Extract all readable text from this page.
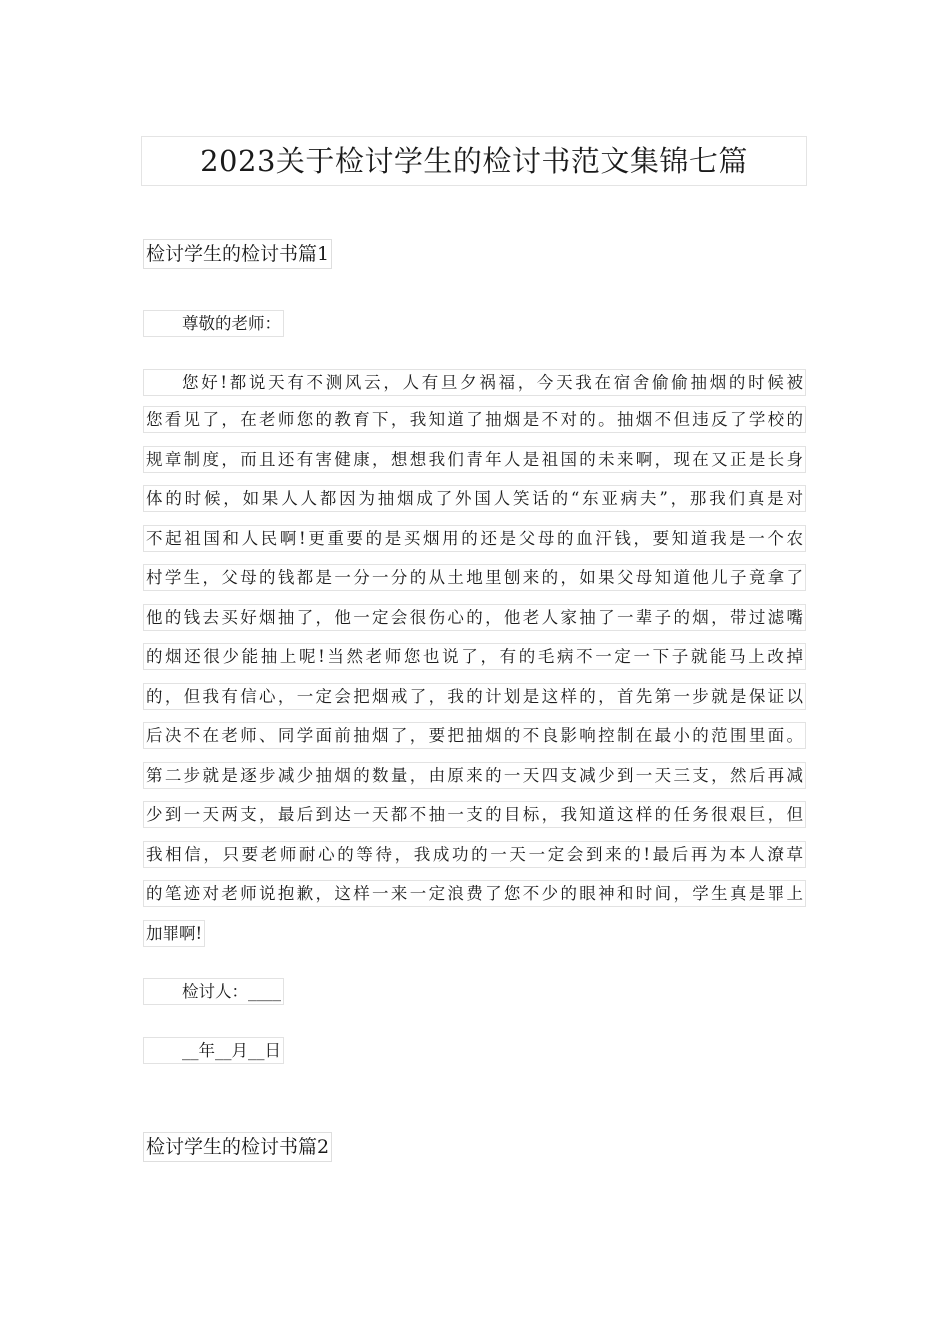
2023关于检讨学生的检讨书范文集锦七篇
检讨学生的检讨书篇1
尊敬的老师：
您好!都说天有不测风云，人有旦夕祸福，今天我在宿舍偷偷抽烟的时候被
您看见了，在老师您的教育下，我知道了抽烟是不对的。抽烟不但违反了学校的
规章制度，而且还有害健康，想想我们青年人是祖国的未来啊，现在又正是长身
体的时候，如果人人都因为抽烟成了外国人笑话的“东亚病夫”，那我们真是对
不起祖国和人民啊!更重要的是买烟用的还是父母的血汗钱，要知道我是一个农
村学生，父母的钱都是一分一分的从土地里刨来的，如果父母知道他儿子竟拿了
他的钱去买好烟抽了，他一定会很伤心的，他老人家抽了一辈子的烟，带过滤嘴
的烟还很少能抽上呢!当然老师您也说了，有的毛病不一定一下子就能马上改掉
的，但我有信心，一定会把烟戒了，我的计划是这样的，首先第一步就是保证以
后决不在老师、同学面前抽烟了，要把抽烟的不良影响控制在最小的范围里面。
第二步就是逐步减少抽烟的数量，由原来的一天四支减少到一天三支，然后再减
少到一天两支，最后到达一天都不抽一支的目标，我知道这样的任务很艰巨，但
我相信，只要老师耐心的等待，我成功的一天一定会到来的!最后再为本人潦草
的笔迹对老师说抱歉，这样一来一定浪费了您不少的眼神和时间，学生真是罪上
加罪啊!
检讨人：____
__年__月__日
检讨学生的检讨书篇2
